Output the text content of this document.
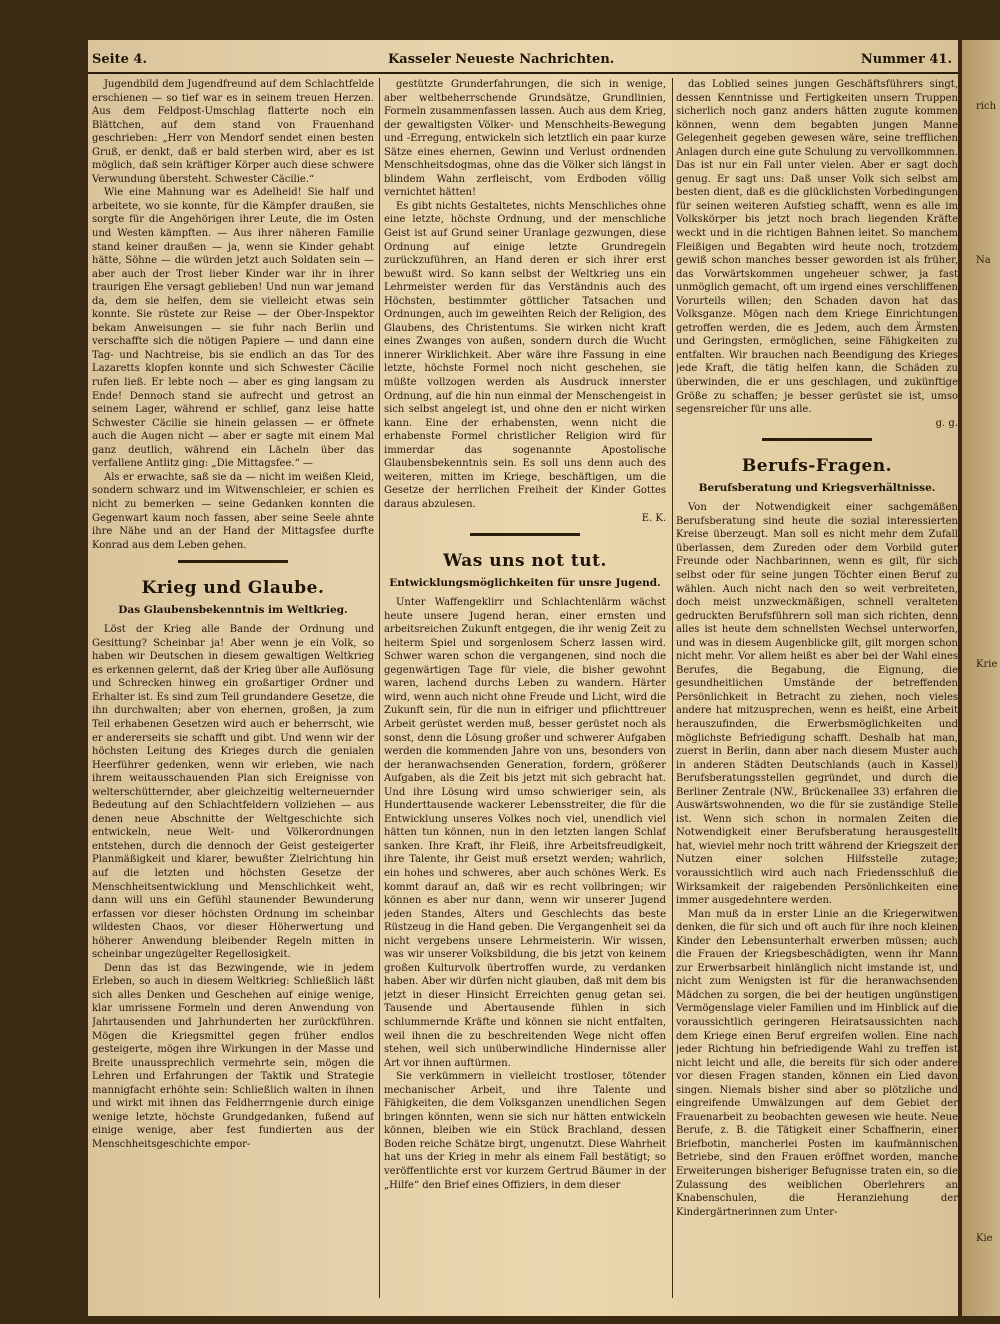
Seite 4.	Kasseler Neueste Nachrichten.	Nummer 41.

Jugendbild dem Jugendfreund auf dem Schlachtfelde erschienen — so tief war es in seinem treuen Herzen. Aus dem Feldpost-Umschlag flatterte noch ein Blättchen, auf dem stand von Frauenhand geschrieben: „Herr von Mendorf sendet einen besten Gruß, er denkt, daß er bald sterben wird, aber es ist möglich, daß sein kräftiger Körper auch diese schwere Verwundung übersteht. Schwester Cäcilie.“

Wie eine Mahnung war es Adelheid! Sie half und arbeitete, wo sie konnte, für die Kämpfer draußen, sie sorgte für die Angehörigen ihrer Leute, die im Osten und Westen kämpften. — Aus ihrer näheren Familie stand keiner draußen — ja, wenn sie Kinder gehabt hätte, Söhne — die würden jetzt auch Soldaten sein — aber auch der Trost lieber Kinder war ihr in ihrer traurigen Ehe versagt geblieben! Und nun war jemand da, dem sie helfen, dem sie vielleicht etwas sein konnte. Sie rüstete zur Reise — der Ober-Inspektor bekam Anweisungen — sie fuhr nach Berlin und verschaffte sich die nötigen Papiere — und dann eine Tag- und Nachtreise, bis sie endlich an das Tor des Lazaretts klopfen konnte und sich Schwester Cäcilie rufen ließ. Er lebte noch — aber es ging langsam zu Ende! Dennoch stand sie aufrecht und getrost an seinem Lager, während er schlief, ganz leise hatte Schwester Cäcilie sie hinein gelassen — er öffnete auch die Augen nicht — aber er sagte mit einem Mal ganz deutlich, während ein Lächeln über das verfallene Antlitz ging: „Die Mittagsfee.“ —

Als er erwachte, saß sie da — nicht im weißen Kleid, sondern schwarz und im Witwenschleier, er schien es nicht zu bemerken — seine Gedanken konnten die Gegenwart kaum noch fassen, aber seine Seele ahnte ihre Nähe und an der Hand der Mittagsfee durfte Konrad aus dem Leben gehen.

Krieg und Glaube.
Das Glaubensbekenntnis im Weltkrieg.

Löst der Krieg alle Bande der Ordnung und Gesittung? Scheinbar ja! Aber wenn je ein Volk, so haben wir Deutschen in diesem gewaltigen Weltkrieg es erkennen gelernt, daß der Krieg über alle Auflösung und Schrecken hinweg ein großartiger Ordner und Erhalter ist. Es sind zum Teil grundandere Gesetze, die ihn durchwalten; aber von ehernen, großen, ja zum Teil erhabenen Gesetzen wird auch er beherrscht, wie er andererseits sie schafft und gibt. Und wenn wir der höchsten Leitung des Krieges durch die genialen Heerführer gedenken, wenn wir erleben, wie nach ihrem weitausschauenden Plan sich Ereignisse von welterschütternder, aber gleichzeitig welterneuernder Bedeutung auf den Schlachtfeldern vollziehen — aus denen neue Abschnitte der Weltgeschichte sich entwickeln, neue Welt- und Völkerordnungen entstehen, durch die dennoch der Geist gesteigerter Planmäßigkeit und klarer, bewußter Zielrichtung hin auf die letzten und höchsten Gesetze der Menschheitsentwicklung und Menschlichkeit weht, dann will uns ein Gefühl staunender Bewunderung erfassen vor dieser höchsten Ordnung im scheinbar wildesten Chaos, vor dieser Höherwertung und höherer Anwendung bleibender Regeln mitten in scheinbar ungezügelter Regellosigkeit.

Denn das ist das Bezwingende, wie in jedem Erleben, so auch in diesem Weltkrieg: Schließlich läßt sich alles Denken und Geschehen auf einige wenige, klar umrissene Formeln und deren Anwendung von Jahrtausenden und Jahrhunderten her zurückführen. Mögen die Kriegsmittel gegen früher endlos gesteigerte, mögen ihre Wirkungen in der Masse und Breite unaussprechlich vermehrte sein, mögen die Lehren und Erfahrungen der Taktik und Strategie mannigfacht erhöhte sein: Schließlich walten in ihnen und wirkt mit ihnen das Feldherrngenie durch einige wenige letzte, höchste Grundgedanken, fußend auf einige wenige, aber fest fundierten aus der Menschheitsgeschichte empor-

gestützte Grunderfahrungen, die sich in wenige, aber weltbeherrschende Grundsätze, Grundlinien, Formeln zusammenfassen lassen. Auch aus dem Krieg, der gewaltigsten Völker- und Menschheits-Bewegung und -Erregung, entwickeln sich letztlich ein paar kurze Sätze eines ehernen, Gewinn und Verlust ordnenden Menschheitsdogmas, ohne das die Völker sich längst in blindem Wahn zerfleischt, vom Erdboden völlig vernichtet hätten!

Es gibt nichts Gestaltetes, nichts Menschliches ohne eine letzte, höchste Ordnung, und der menschliche Geist ist auf Grund seiner Uranlage gezwungen, diese Ordnung auf einige letzte Grundregeln zurückzuführen, an Hand deren er sich ihrer erst bewußt wird. So kann selbst der Weltkrieg uns ein Lehrmeister werden für das Verständnis auch des Höchsten, bestimmter göttlicher Tatsachen und Ordnungen, auch im geweihten Reich der Religion, des Glaubens, des Christentums. Sie wirken nicht kraft eines Zwanges von außen, sondern durch die Wucht innerer Wirklichkeit. Aber wäre ihre Fassung in eine letzte, höchste Formel noch nicht geschehen, sie müßte vollzogen werden als Ausdruck innerster Ordnung, auf die hin nun einmal der Menschengeist in sich selbst angelegt ist, und ohne den er nicht wirken kann. Eine der erhabensten, wenn nicht die erhabenste Formel christlicher Religion wird für immerdar das sogenannte Apostolische Glaubensbekenntnis sein. Es soll uns denn auch des weiteren, mitten im Kriege, beschäftigen, um die Gesetze der herrlichen Freiheit der Kinder Gottes daraus abzulesen.

E. K.

Was uns not tut.
Entwicklungsmöglichkeiten für unsre Jugend.

Unter Waffengeklirr und Schlachtenlärm wächst heute unsere Jugend heran, einer ernsten und arbeitsreichen Zukunft entgegen, die ihr wenig Zeit zu heiterm Spiel und sorgenlosem Scherz lassen wird. Schwer waren schon die vergangenen, sind noch die gegenwärtigen Tage für viele, die bisher gewohnt waren, lachend durchs Leben zu wandern. Härter wird, wenn auch nicht ohne Freude und Licht, wird die Zukunft sein, für die nun in eifriger und pflichttreuer Arbeit gerüstet werden muß, besser gerüstet noch als sonst, denn die Lösung großer und schwerer Aufgaben werden die kommenden Jahre von uns, besonders von der heranwachsenden Generation, fordern, größerer Aufgaben, als die Zeit bis jetzt mit sich gebracht hat. Und ihre Lösung wird umso schwieriger sein, als Hunderttausende wackerer Lebensstreiter, die für die Entwicklung unseres Volkes noch viel, unendlich viel hätten tun können, nun in den letzten langen Schlaf sanken. Ihre Kraft, ihr Fleiß, ihre Arbeitsfreudigkeit, ihre Talente, ihr Geist muß ersetzt werden; wahrlich, ein hohes und schweres, aber auch schönes Werk. Es kommt darauf an, daß wir es recht vollbringen; wir können es aber nur dann, wenn wir unserer Jugend jeden Standes, Alters und Geschlechts das beste Rüstzeug in die Hand geben. Die Vergangenheit sei da nicht vergebens unsere Lehrmeisterin. Wir wissen, was wir unserer Volksbildung, die bis jetzt von keinem großen Kulturvolk übertroffen wurde, zu verdanken haben. Aber wir dürfen nicht glauben, daß mit dem bis jetzt in dieser Hinsicht Erreichten genug getan sei. Tausende und Abertausende fühlen in sich schlummernde Kräfte und können sie nicht entfalten, weil ihnen die zu beschreitenden Wege nicht offen stehen, weil sich unüberwindliche Hindernisse aller Art vor ihnen auftürmen.

Sie verkümmern in vielleicht trostloser, tötender mechanischer Arbeit, und ihre Talente und Fähigkeiten, die dem Volksganzen unendlichen Segen bringen könnten, wenn sie sich nur hätten entwickeln können, bleiben wie ein Stück Brachland, dessen Boden reiche Schätze birgt, ungenutzt. Diese Wahrheit hat uns der Krieg in mehr als einem Fall bestätigt; so veröffentlichte erst vor kurzem Gertrud Bäumer in der „Hilfe“ den Brief eines Offiziers, in dem dieser

das Loblied seines jungen Geschäftsführers singt, dessen Kenntnisse und Fertigkeiten unsern Truppen sicherlich noch ganz anders hätten zugute kommen können, wenn dem begabten jungen Manne Gelegenheit gegeben gewesen wäre, seine trefflichen Anlagen durch eine gute Schulung zu vervollkommnen. Das ist nur ein Fall unter vielen. Aber er sagt doch genug. Er sagt uns: Daß unser Volk sich selbst am besten dient, daß es die glücklichsten Vorbedingungen für seinen weiteren Aufstieg schafft, wenn es alle im Volkskörper bis jetzt noch brach liegenden Kräfte weckt und in die richtigen Bahnen leitet. So manchem Fleißigen und Begabten wird heute noch, trotzdem gewiß schon manches besser geworden ist als früher, das Vorwärtskommen ungeheuer schwer, ja fast unmöglich gemacht, oft um irgend eines verschliffenen Vorurteils willen; den Schaden davon hat das Volksganze. Mögen nach dem Kriege Einrichtungen getroffen werden, die es Jedem, auch dem Ärmsten und Geringsten, ermöglichen, seine Fähigkeiten zu entfalten. Wir brauchen nach Beendigung des Krieges jede Kraft, die tätig helfen kann, die Schäden zu überwinden, die er uns geschlagen, und zukünftige Größe zu schaffen; je besser gerüstet sie ist, umso segensreicher für uns alle.

g. g.

Berufs-Fragen.
Berufsberatung und Kriegsverhältnisse.

Von der Notwendigkeit einer sachgemäßen Berufsberatung sind heute die sozial interessierten Kreise überzeugt. Man soll es nicht mehr dem Zufall überlassen, dem Zureden oder dem Vorbild guter Freunde oder Nachbarinnen, wenn es gilt, für sich selbst oder für seine jungen Töchter einen Beruf zu wählen. Auch nicht nach den so weit verbreiteten, doch meist unzweckmäßigen, schnell veralteten gedruckten Berufsführern soll man sich richten, denn alles ist heute dem schnellsten Wechsel unterworfen, und was in diesem Augenblicke gilt, gilt morgen schon nicht mehr. Vor allem heißt es aber bei der Wahl eines Berufes, die Begabung, die Eignung, die gesundheitlichen Umstände der betreffenden Persönlichkeit in Betracht zu ziehen, noch vieles andere hat mitzusprechen, wenn es heißt, eine Arbeit herauszufinden, die Erwerbsmöglichkeiten und möglichste Befriedigung schafft. Deshalb hat man, zuerst in Berlin, dann aber nach diesem Muster auch in anderen Städten Deutschlands (auch in Kassel) Berufsberatungsstellen gegründet, und durch die Berliner Zentrale (NW., Brückenallee 33) erfahren die Auswärtswohnenden, wo die für sie zuständige Stelle ist. Wenn sich schon in normalen Zeiten die Notwendigkeit einer Berufsberatung herausgestellt hat, wieviel mehr noch tritt während der Kriegszeit der Nutzen einer solchen Hilfsstelle zutage; voraussichtlich wird auch nach Friedensschluß die Wirksamkeit der raigebenden Persönlichkeiten eine immer ausgedehntere werden.

Man muß da in erster Linie an die Kriegerwitwen denken, die für sich und oft auch für ihre noch kleinen Kinder den Lebensunterhalt erwerben müssen; auch die Frauen der Kriegsbeschädigten, wenn ihr Mann zur Erwerbsarbeit hinlänglich nicht imstande ist, und nicht zum Wenigsten ist für die heranwachsenden Mädchen zu sorgen, die bei der heutigen ungünstigen Vermögenslage vieler Familien und im Hinblick auf die voraussichtlich geringeren Heiratsaussichten nach dem Kriege einen Beruf ergreifen wollen. Eine nach jeder Richtung hin befriedigende Wahl zu treffen ist nicht leicht und alle, die bereits für sich oder andere vor diesen Fragen standen, können ein Lied davon singen. Niemals bisher sind aber so plötzliche und eingreifende Umwälzungen auf dem Gebiet der Frauenarbeit zu beobachten gewesen wie heute. Neue Berufe, z. B. die Tätigkeit einer Schaffnerin, einer Briefbotin, mancherlei Posten im kaufmännischen Betriebe, sind den Frauen eröffnet worden, manche Erweiterungen bisheriger Befugnisse traten ein, so die Zulassung des weiblichen Oberlehrers an Knabenschulen, die Heranziehung der Kindergärtnerinnen zum Unter-

rich
Na
Krie
Kie
